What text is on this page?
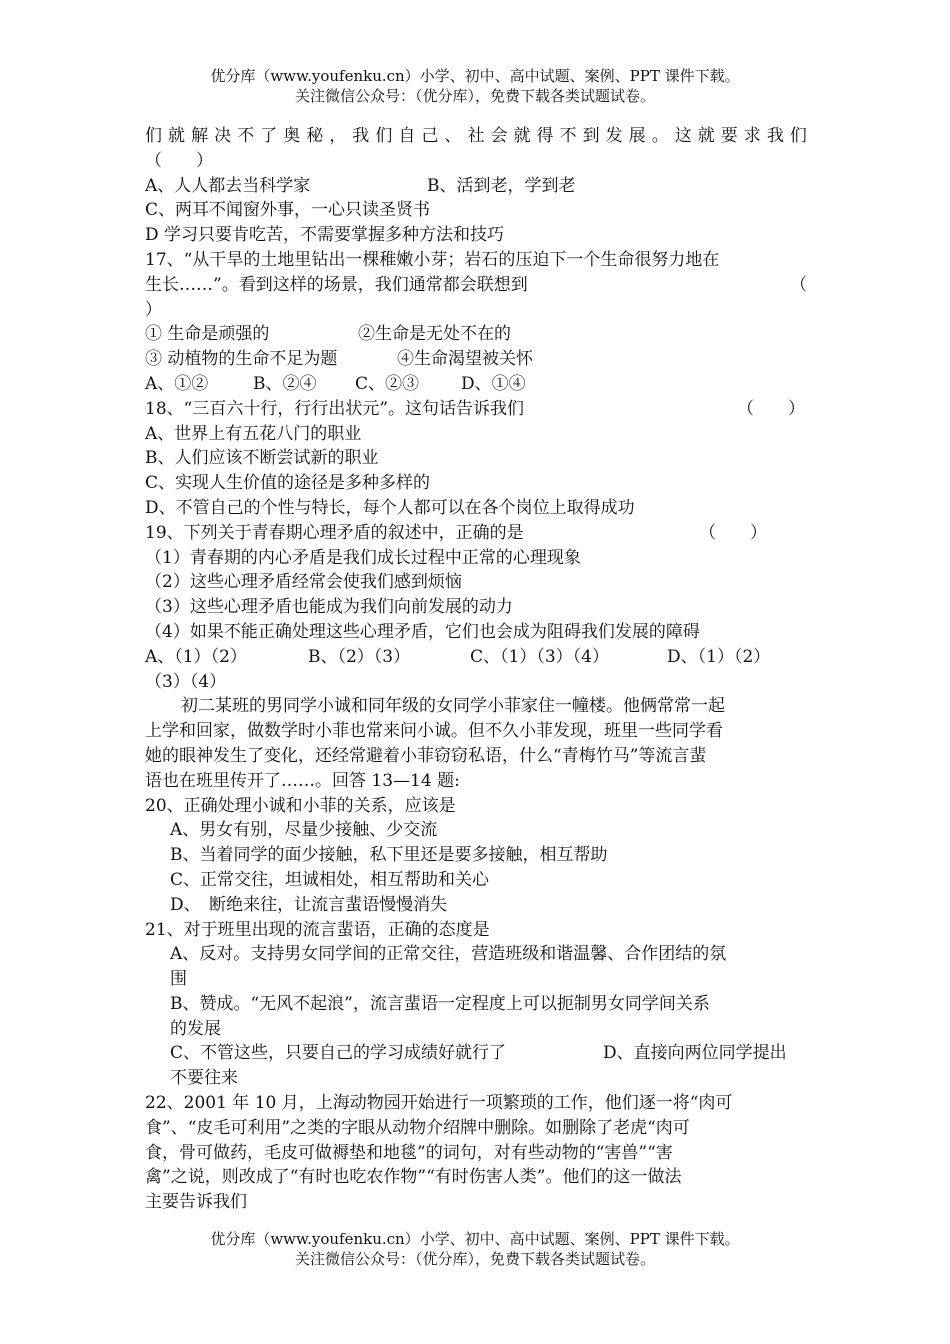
优分库（www.youfenku.cn）小学、初中、高中试题、案例、PPT 课件下载。
关注微信公众号：（优分库），免费下载各类试题试卷。
们 就 解 决 不 了 奥 秘 ， 我 们 自 己 、 社 会 就 得 不 到 发 展 。 这 就 要 求 我 们
（　　）
A、人人都去当科学家	B、活到老，学到老
C、两耳不闻窗外事，一心只读圣贤书
D 学习只要肯吃苦，不需要掌握多种方法和技巧
17、“从干旱的土地里钻出一棵稚嫩小芽；岩石的压迫下一个生命很努力地在
生长……”。看到这样的场景，我们通常都会联想到	（
）
① 生命是顽强的	②生命是无处不在的
③ 动植物的生命不足为题	④生命渴望被关怀
A、①②	B、②④ C、②③ D、①④
18、“三百六十行，行行出状元”。这句话告诉我们	（　　）
A、世界上有五花八门的职业
B、人们应该不断尝试新的职业
C、实现人生价值的途径是多种多样的
D、不管自己的个性与特长，每个人都可以在各个岗位上取得成功
19、下列关于青春期心理矛盾的叙述中，正确的是	（　　）
（1）青春期的内心矛盾是我们成长过程中正常的心理现象
（2）这些心理矛盾经常会使我们感到烦恼
（3）这些心理矛盾也能成为我们向前发展的动力
（4）如果不能正确处理这些心理矛盾，它们也会成为阻碍我们发展的障碍
A、（1）（2）	B、（2）（3）	C、（1）（3）（4）	D、（1）（2）
（3）（4）
初二某班的男同学小诚和同年级的女同学小菲家住一幢楼。他俩常常一起
上学和回家，做数学时小菲也常来问小诚。但不久小菲发现，班里一些同学看
她的眼神发生了变化，还经常避着小菲窃窃私语，什么“青梅竹马”等流言蜚
语也在班里传开了……。回答 13—14 题:
20、正确处理小诚和小菲的关系，应该是
A、男女有别，尽量少接触、少交流
B、当着同学的面少接触，私下里还是要多接触，相互帮助
C、正常交往，坦诚相处，相互帮助和关心
D、　断绝来往，让流言蜚语慢慢消失
21、对于班里出现的流言蜚语，正确的态度是
A、反对。支持男女同学间的正常交往，营造班级和谐温馨、合作团结的氛
围
B、赞成。“无风不起浪”，流言蜚语一定程度上可以扼制男女同学间关系
的发展
C、不管这些，只要自己的学习成绩好就行了	D、直接向两位同学提出
不要往来
22、2001 年 10 月，上海动物园开始进行一项繁琐的工作，他们逐一将“肉可
食”、“皮毛可利用”之类的字眼从动物介绍牌中删除。如删除了老虎“肉可
食，骨可做药，毛皮可做褥垫和地毯”的词句，对有些动物的“害兽”“害
禽”之说，则改成了“有时也吃农作物”“有时伤害人类”。他们的这一做法
主要告诉我们
优分库（www.youfenku.cn）小学、初中、高中试题、案例、PPT 课件下载。
关注微信公众号：（优分库），免费下载各类试题试卷。
